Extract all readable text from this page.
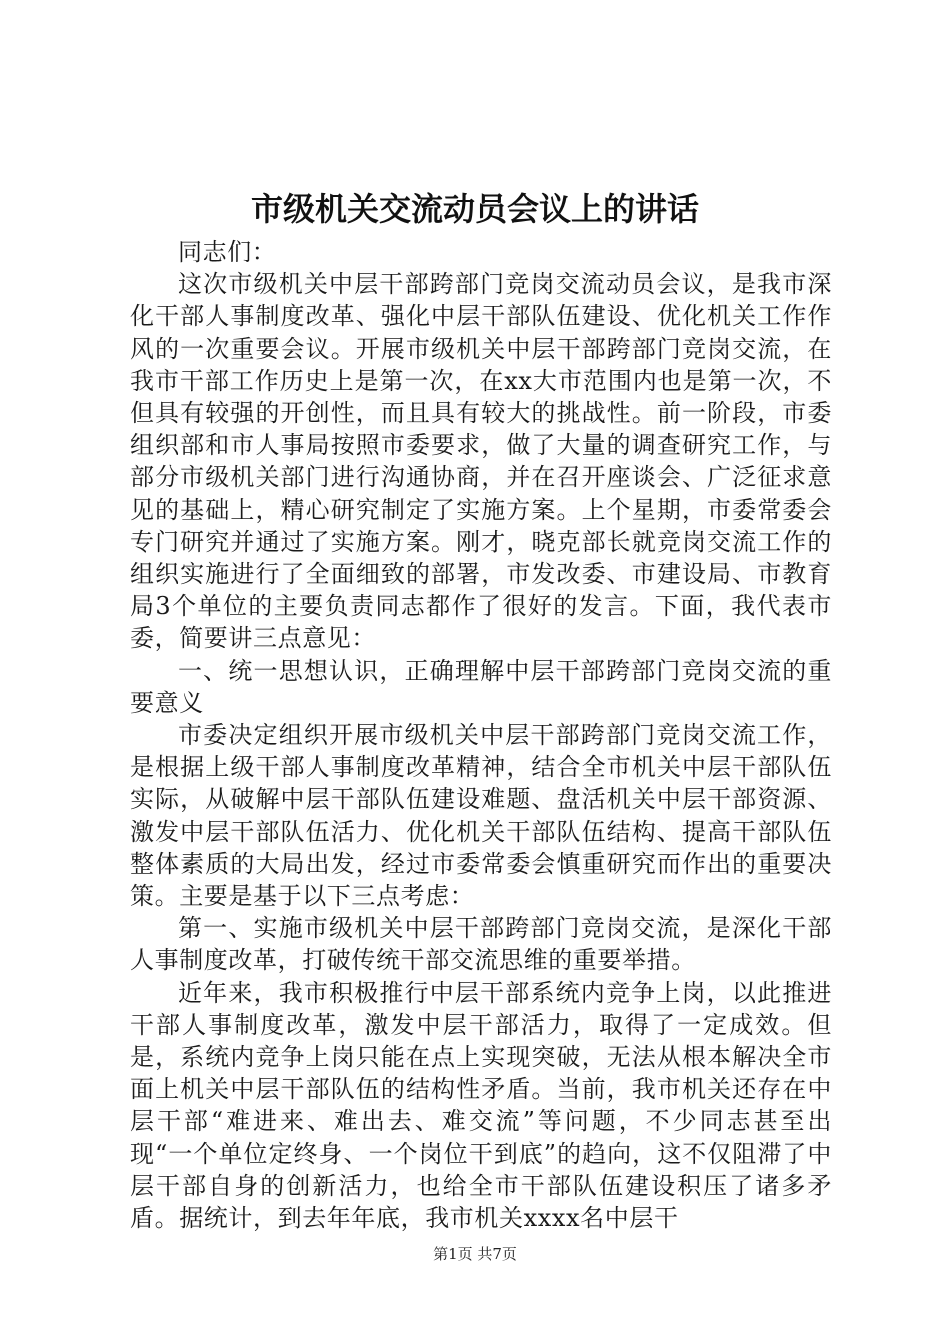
市级机关交流动员会议上的讲话

同志们：

这次市级机关中层干部跨部门竞岗交流动员会议，是我市深化干部人事制度改革、强化中层干部队伍建设、优化机关工作作风的一次重要会议。开展市级机关中层干部跨部门竞岗交流，在我市干部工作历史上是第一次，在xx大市范围内也是第一次，不但具有较强的开创性，而且具有较大的挑战性。前一阶段，市委组织部和市人事局按照市委要求，做了大量的调查研究工作，与部分市级机关部门进行沟通协商，并在召开座谈会、广泛征求意见的基础上，精心研究制定了实施方案。上个星期，市委常委会专门研究并通过了实施方案。刚才，晓克部长就竞岗交流工作的组织实施进行了全面细致的部署，市发改委、市建设局、市教育局3个单位的主要负责同志都作了很好的发言。下面，我代表市委，简要讲三点意见：

一、统一思想认识，正确理解中层干部跨部门竞岗交流的重要意义

市委决定组织开展市级机关中层干部跨部门竞岗交流工作，是根据上级干部人事制度改革精神，结合全市机关中层干部队伍实际，从破解中层干部队伍建设难题、盘活机关中层干部资源、激发中层干部队伍活力、优化机关干部队伍结构、提高干部队伍整体素质的大局出发，经过市委常委会慎重研究而作出的重要决策。主要是基于以下三点考虑：

第一、实施市级机关中层干部跨部门竞岗交流，是深化干部人事制度改革，打破传统干部交流思维的重要举措。

近年来，我市积极推行中层干部系统内竞争上岗，以此推进干部人事制度改革，激发中层干部活力，取得了一定成效。但是，系统内竞争上岗只能在点上实现突破，无法从根本解决全市面上机关中层干部队伍的结构性矛盾。当前，我市机关还存在中层干部“难进来、难出去、难交流”等问题，不少同志甚至出现“一个单位定终身、一个岗位干到底”的趋向，这不仅阻滞了中层干部自身的创新活力，也给全市干部队伍建设积压了诸多矛盾。据统计，到去年年底，我市机关xxxx名中层干

第1页 共7页
